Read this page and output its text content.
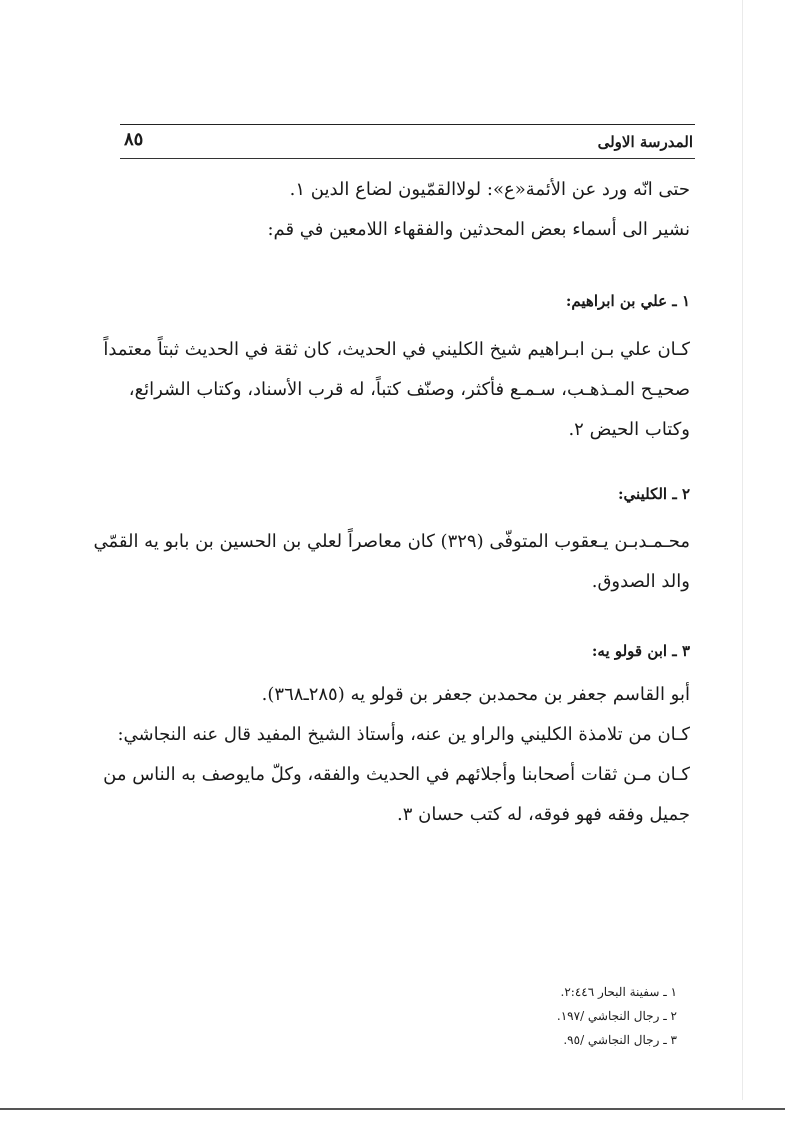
٨٥	المدرسة الاولى
حتى انّه ورد عن الأئمة«ع»: لولاالقمّيون لضاع الدين ١.
نشير الى أسماء بعض المحدثين والفقهاء اللامعين في قم:
١ ـ علي بن ابراهيم:
كـان علي بـن ابـراهيم شيخ الكليني في الحديث، كان ثقة في الحديث ثبتاً معتمداً
صحيـح المـذهـب، سـمـع فأكثر، وصنّف كتباً، له قرب الأسناد، وكتاب الشرائع،
وكتاب الحيض ٢.
٢ ـ الكليني:
محـمـدبـن يـعقوب المتوفّى (٣٢٩) كان معاصراً لعلي بن الحسين بن بابو يه القمّي
والد الصدوق.
٣ ـ ابن قولو يه:
أبو القاسم جعفر بن محمدبن جعفر بن قولو يه (٢٨٥ـ٣٦٨).
كـان من تلامذة الكليني والراو ين عنه، وأستاذ الشيخ المفيد قال عنه النجاشي:
كـان مـن ثقات أصحابنا وأجلائهم في الحديث والفقه، وكلّ مايوصف به الناس من
جميل وفقه فهو فوقه، له كتب حسان ٣.
١ ـ سفينة البحار ٢:٤٤٦.
٢ ـ رجال النجاشي /١٩٧.
٣ ـ رجال النجاشي /٩٥.
